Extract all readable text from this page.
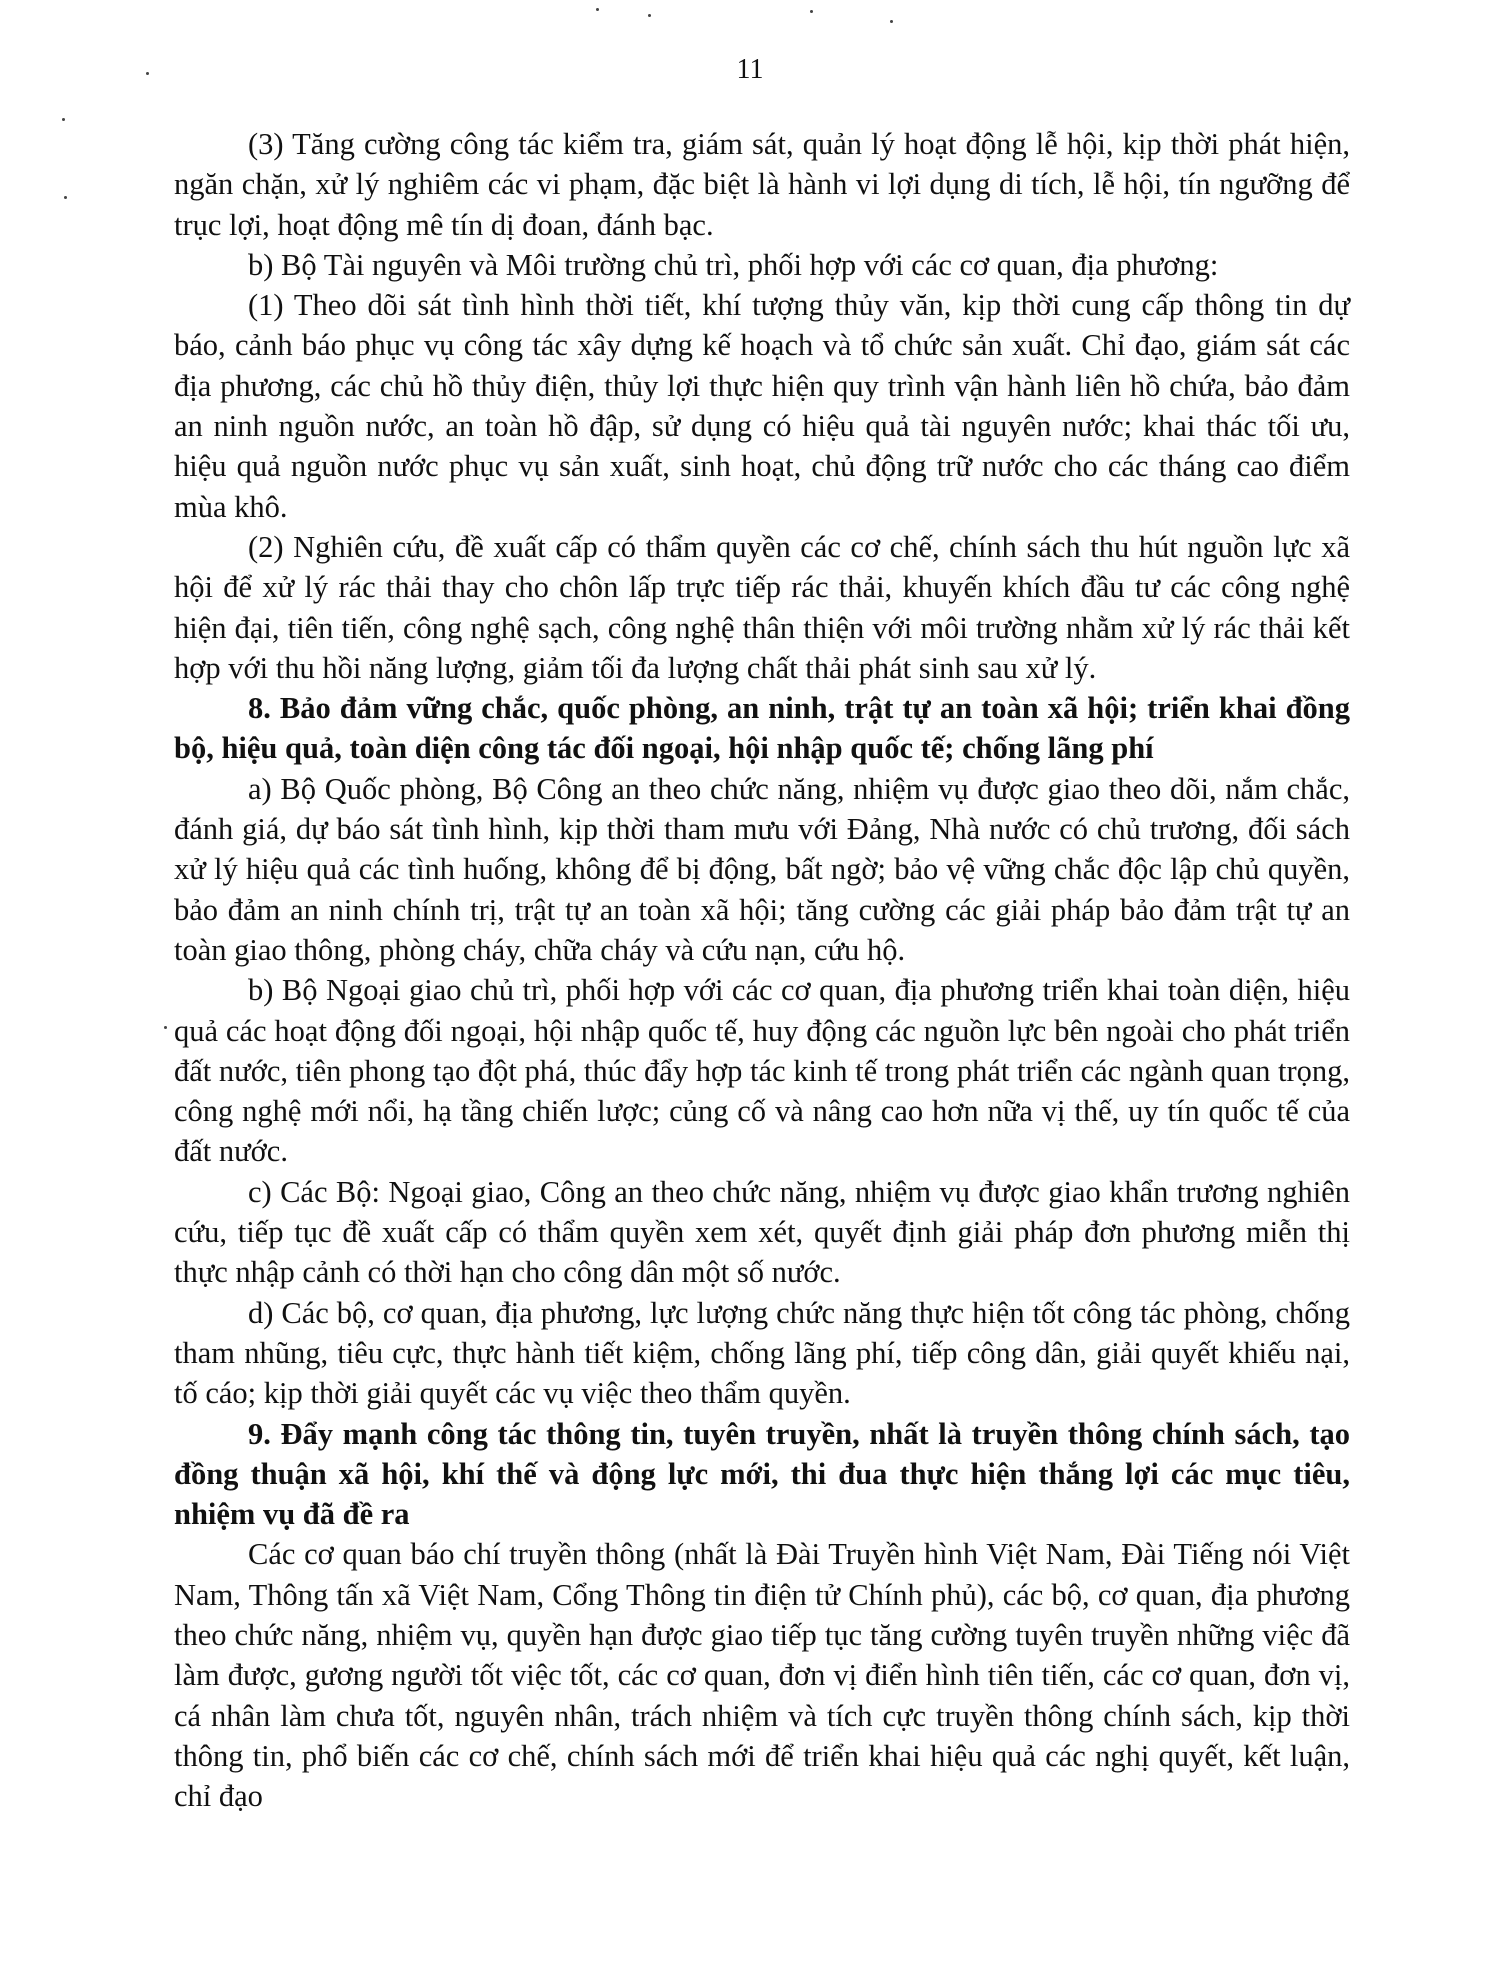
11

(3) Tăng cường công tác kiểm tra, giám sát, quản lý hoạt động lễ hội, kịp thời phát hiện, ngăn chặn, xử lý nghiêm các vi phạm, đặc biệt là hành vi lợi dụng di tích, lễ hội, tín ngưỡng để trục lợi, hoạt động mê tín dị đoan, đánh bạc.

b) Bộ Tài nguyên và Môi trường chủ trì, phối hợp với các cơ quan, địa phương:

(1) Theo dõi sát tình hình thời tiết, khí tượng thủy văn, kịp thời cung cấp thông tin dự báo, cảnh báo phục vụ công tác xây dựng kế hoạch và tổ chức sản xuất. Chỉ đạo, giám sát các địa phương, các chủ hồ thủy điện, thủy lợi thực hiện quy trình vận hành liên hồ chứa, bảo đảm an ninh nguồn nước, an toàn hồ đập, sử dụng có hiệu quả tài nguyên nước; khai thác tối ưu, hiệu quả nguồn nước phục vụ sản xuất, sinh hoạt, chủ động trữ nước cho các tháng cao điểm mùa khô.

(2) Nghiên cứu, đề xuất cấp có thẩm quyền các cơ chế, chính sách thu hút nguồn lực xã hội để xử lý rác thải thay cho chôn lấp trực tiếp rác thải, khuyến khích đầu tư các công nghệ hiện đại, tiên tiến, công nghệ sạch, công nghệ thân thiện với môi trường nhằm xử lý rác thải kết hợp với thu hồi năng lượng, giảm tối đa lượng chất thải phát sinh sau xử lý.

8. Bảo đảm vững chắc, quốc phòng, an ninh, trật tự an toàn xã hội; triển khai đồng bộ, hiệu quả, toàn diện công tác đối ngoại, hội nhập quốc tế; chống lãng phí

a) Bộ Quốc phòng, Bộ Công an theo chức năng, nhiệm vụ được giao theo dõi, nắm chắc, đánh giá, dự báo sát tình hình, kịp thời tham mưu với Đảng, Nhà nước có chủ trương, đối sách xử lý hiệu quả các tình huống, không để bị động, bất ngờ; bảo vệ vững chắc độc lập chủ quyền, bảo đảm an ninh chính trị, trật tự an toàn xã hội; tăng cường các giải pháp bảo đảm trật tự an toàn giao thông, phòng cháy, chữa cháy và cứu nạn, cứu hộ.

b) Bộ Ngoại giao chủ trì, phối hợp với các cơ quan, địa phương triển khai toàn diện, hiệu quả các hoạt động đối ngoại, hội nhập quốc tế, huy động các nguồn lực bên ngoài cho phát triển đất nước, tiên phong tạo đột phá, thúc đẩy hợp tác kinh tế trong phát triển các ngành quan trọng, công nghệ mới nổi, hạ tầng chiến lược; củng cố và nâng cao hơn nữa vị thế, uy tín quốc tế của đất nước.

c) Các Bộ: Ngoại giao, Công an theo chức năng, nhiệm vụ được giao khẩn trương nghiên cứu, tiếp tục đề xuất cấp có thẩm quyền xem xét, quyết định giải pháp đơn phương miễn thị thực nhập cảnh có thời hạn cho công dân một số nước.

d) Các bộ, cơ quan, địa phương, lực lượng chức năng thực hiện tốt công tác phòng, chống tham nhũng, tiêu cực, thực hành tiết kiệm, chống lãng phí, tiếp công dân, giải quyết khiếu nại, tố cáo; kịp thời giải quyết các vụ việc theo thẩm quyền.

9. Đẩy mạnh công tác thông tin, tuyên truyền, nhất là truyền thông chính sách, tạo đồng thuận xã hội, khí thế và động lực mới, thi đua thực hiện thắng lợi các mục tiêu, nhiệm vụ đã đề ra

Các cơ quan báo chí truyền thông (nhất là Đài Truyền hình Việt Nam, Đài Tiếng nói Việt Nam, Thông tấn xã Việt Nam, Cổng Thông tin điện tử Chính phủ), các bộ, cơ quan, địa phương theo chức năng, nhiệm vụ, quyền hạn được giao tiếp tục tăng cường tuyên truyền những việc đã làm được, gương người tốt việc tốt, các cơ quan, đơn vị điển hình tiên tiến, các cơ quan, đơn vị, cá nhân làm chưa tốt, nguyên nhân, trách nhiệm và tích cực truyền thông chính sách, kịp thời thông tin, phổ biến các cơ chế, chính sách mới để triển khai hiệu quả các nghị quyết, kết luận, chỉ đạo
